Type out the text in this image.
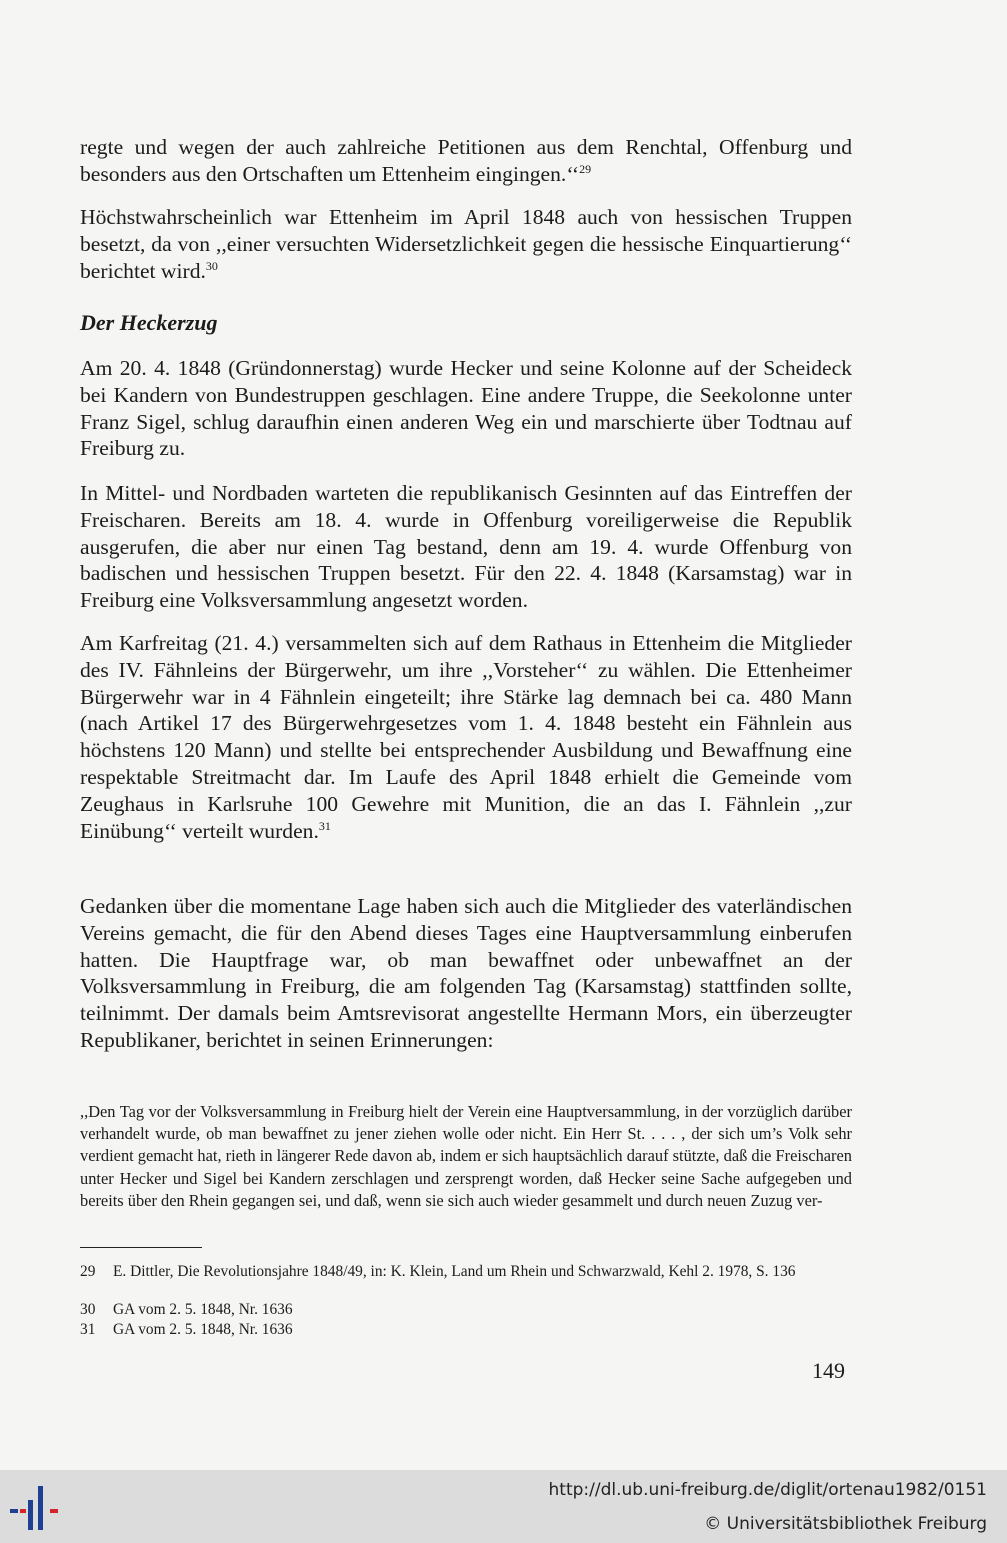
regte und wegen der auch zahlreiche Petitionen aus dem Renchtal, Offenburg und besonders aus den Ortschaften um Ettenheim eingingen.‘‘$^{29}$

Höchstwahrscheinlich war Ettenheim im April 1848 auch von hessischen Truppen besetzt, da von ,,einer versuchten Widersetzlichkeit gegen die hessische Einquartierung‘‘ berichtet wird.$^{30}$

Der Heckerzug

Am 20. 4. 1848 (Gründonnerstag) wurde Hecker und seine Kolonne auf der Scheideck bei Kandern von Bundestruppen geschlagen. Eine andere Truppe, die Seekolonne unter Franz Sigel, schlug daraufhin einen anderen Weg ein und marschierte über Todtnau auf Freiburg zu.

In Mittel- und Nordbaden warteten die republikanisch Gesinnten auf das Eintreffen der Freischaren. Bereits am 18. 4. wurde in Offenburg voreiligerweise die Republik ausgerufen, die aber nur einen Tag bestand, denn am 19. 4. wurde Offenburg von badischen und hessischen Truppen besetzt. Für den 22. 4. 1848 (Karsamstag) war in Freiburg eine Volksversammlung angesetzt worden.

Am Karfreitag (21. 4.) versammelten sich auf dem Rathaus in Ettenheim die Mitglieder des IV. Fähnleins der Bürgerwehr, um ihre ,,Vorsteher‘‘ zu wählen. Die Ettenheimer Bürgerwehr war in 4 Fähnlein eingeteilt; ihre Stärke lag demnach bei ca. 480 Mann (nach Artikel 17 des Bürgerwehrgesetzes vom 1. 4. 1848 besteht ein Fähnlein aus höchstens 120 Mann) und stellte bei entsprechender Ausbildung und Bewaffnung eine respektable Streitmacht dar. Im Laufe des April 1848 erhielt die Gemeinde vom Zeughaus in Karlsruhe 100 Gewehre mit Munition, die an das I. Fähnlein ,,zur Einübung‘‘ verteilt wurden.$^{31}$

Gedanken über die momentane Lage haben sich auch die Mitglieder des vaterländischen Vereins gemacht, die für den Abend dieses Tages eine Hauptversammlung einberufen hatten. Die Hauptfrage war, ob man bewaffnet oder unbewaffnet an der Volksversammlung in Freiburg, die am folgenden Tag (Karsamstag) stattfinden sollte, teilnimmt. Der damals beim Amtsrevisorat angestellte Hermann Mors, ein überzeugter Republikaner, berichtet in seinen Erinnerungen:

,,Den Tag vor der Volksversammlung in Freiburg hielt der Verein eine Hauptversammlung, in der vorzüglich darüber verhandelt wurde, ob man bewaffnet zu jener ziehen wolle oder nicht. Ein Herr St. . . . , der sich um’s Volk sehr verdient gemacht hat, rieth in längerer Rede davon ab, indem er sich hauptsächlich darauf stützte, daß die Freischaren unter Hecker und Sigel bei Kandern zerschlagen und zersprengt worden, daß Hecker seine Sache aufgegeben und bereits über den Rhein gegangen sei, und daß, wenn sie sich auch wieder gesammelt und durch neuen Zuzug ver-

29	E. Dittler, Die Revolutionsjahre 1848/49, in: K. Klein, Land um Rhein und Schwarzwald, Kehl 2. 1978, S. 136
30	GA vom 2. 5. 1848, Nr. 1636
31	GA vom 2. 5. 1848, Nr. 1636
149
http://dl.ub.uni-freiburg.de/diglit/ortenau1982/0151
© Universitätsbibliothek Freiburg
